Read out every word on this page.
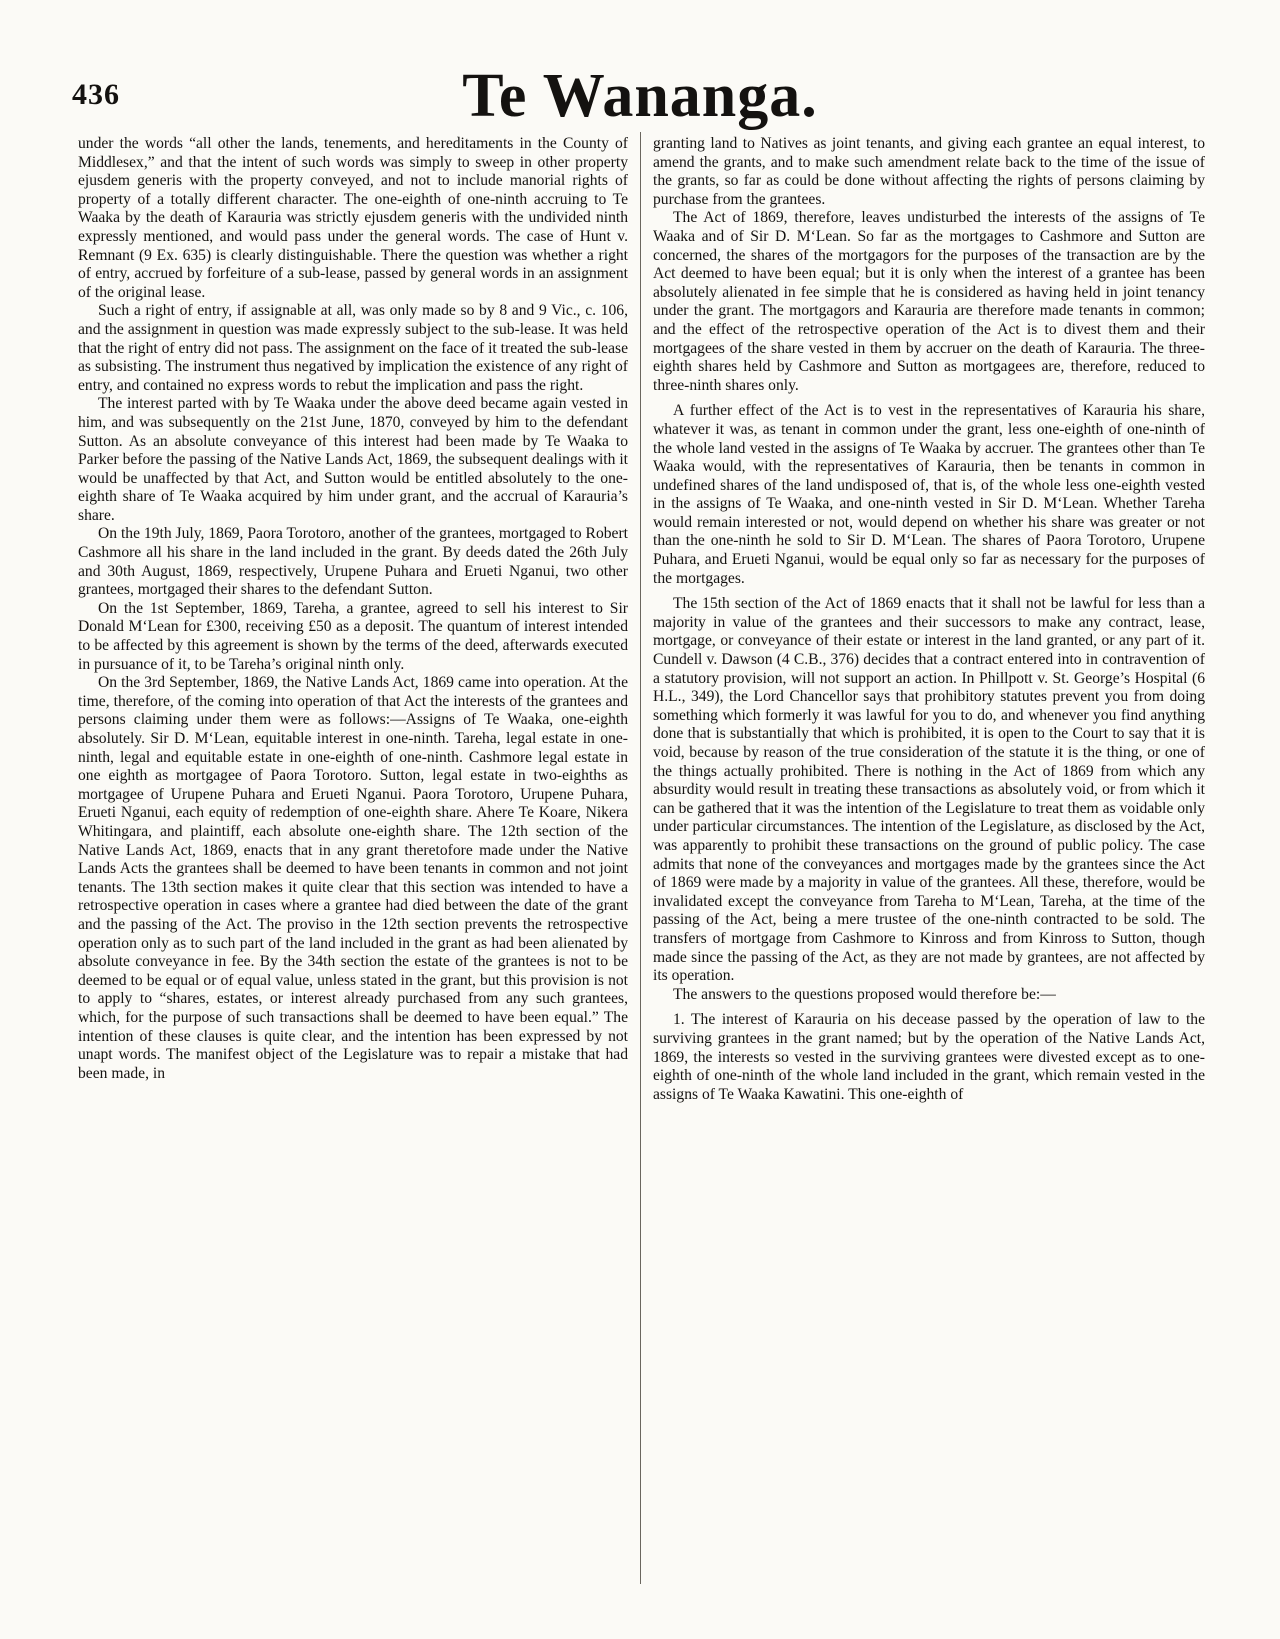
436	Te Wananga.

under the words “all other the lands, tenements, and hereditaments in the County of Middlesex,” and that the intent of such words was simply to sweep in other property ejusdem generis with the property conveyed, and not to include manorial rights of property of a totally different character. The one-eighth of one-ninth accruing to Te Waaka by the death of Karauria was strictly ejusdem generis with the undivided ninth expressly mentioned, and would pass under the general words. The case of Hunt v. Remnant (9 Ex. 635) is clearly distinguishable. There the question was whether a right of entry, accrued by forfeiture of a sub-lease, passed by general words in an assignment of the original lease.

Such a right of entry, if assignable at all, was only made so by 8 and 9 Vic., c. 106, and the assignment in question was made expressly subject to the sub-lease. It was held that the right of entry did not pass. The assignment on the face of it treated the sub-lease as subsisting. The instrument thus negatived by implication the existence of any right of entry, and contained no express words to rebut the implication and pass the right.

The interest parted with by Te Waaka under the above deed became again vested in him, and was subsequently on the 21st June, 1870, conveyed by him to the defendant Sutton. As an absolute conveyance of this interest had been made by Te Waaka to Parker before the passing of the Native Lands Act, 1869, the subsequent dealings with it would be unaffected by that Act, and Sutton would be entitled absolutely to the one-eighth share of Te Waaka acquired by him under grant, and the accrual of Karauria’s share.

On the 19th July, 1869, Paora Torotoro, another of the grantees, mortgaged to Robert Cashmore all his share in the land included in the grant. By deeds dated the 26th July and 30th August, 1869, respectively, Urupene Puhara and Erueti Nganui, two other grantees, mortgaged their shares to the defendant Sutton.

On the 1st September, 1869, Tareha, a grantee, agreed to sell his interest to Sir Donald M‘Lean for £300, receiving £50 as a deposit. The quantum of interest intended to be affected by this agreement is shown by the terms of the deed, afterwards executed in pursuance of it, to be Tareha’s original ninth only.

On the 3rd September, 1869, the Native Lands Act, 1869 came into operation. At the time, therefore, of the coming into operation of that Act the interests of the grantees and persons claiming under them were as follows:—Assigns of Te Waaka, one-eighth absolutely. Sir D. M‘Lean, equitable interest in one-ninth. Tareha, legal estate in one-ninth, legal and equitable estate in one-eighth of one-ninth. Cashmore legal estate in one eighth as mortgagee of Paora Torotoro. Sutton, legal estate in two-eighths as mortgagee of Urupene Puhara and Erueti Nganui. Paora Torotoro, Urupene Puhara, Erueti Nganui, each equity of redemption of one-eighth share. Ahere Te Koare, Nikera Whitingara, and plaintiff, each absolute one-eighth share. The 12th section of the Native Lands Act, 1869, enacts that in any grant theretofore made under the Native Lands Acts the grantees shall be deemed to have been tenants in common and not joint tenants. The 13th section makes it quite clear that this section was intended to have a retrospective operation in cases where a grantee had died between the date of the grant and the passing of the Act. The proviso in the 12th section prevents the retrospective operation only as to such part of the land included in the grant as had been alienated by absolute conveyance in fee. By the 34th section the estate of the grantees is not to be deemed to be equal or of equal value, unless stated in the grant, but this provision is not to apply to “shares, estates, or interest already purchased from any such grantees, which, for the purpose of such transactions shall be deemed to have been equal.” The intention of these clauses is quite clear, and the intention has been expressed by not unapt words. The manifest object of the Legislature was to repair a mistake that had been made, in

granting land to Natives as joint tenants, and giving each grantee an equal interest, to amend the grants, and to make such amendment relate back to the time of the issue of the grants, so far as could be done without affecting the rights of persons claiming by purchase from the grantees.

The Act of 1869, therefore, leaves undisturbed the interests of the assigns of Te Waaka and of Sir D. M‘Lean. So far as the mortgages to Cashmore and Sutton are concerned, the shares of the mortgagors for the purposes of the transaction are by the Act deemed to have been equal; but it is only when the interest of a grantee has been absolutely alienated in fee simple that he is considered as having held in joint tenancy under the grant. The mortgagors and Karauria are therefore made tenants in common; and the effect of the retrospective operation of the Act is to divest them and their mortgagees of the share vested in them by accruer on the death of Karauria. The three-eighth shares held by Cashmore and Sutton as mortgagees are, therefore, reduced to three-ninth shares only.

A further effect of the Act is to vest in the representatives of Karauria his share, whatever it was, as tenant in common under the grant, less one-eighth of one-ninth of the whole land vested in the assigns of Te Waaka by accruer. The grantees other than Te Waaka would, with the representatives of Karauria, then be tenants in common in undefined shares of the land undisposed of, that is, of the whole less one-eighth vested in the assigns of Te Waaka, and one-ninth vested in Sir D. M‘Lean. Whether Tareha would remain interested or not, would depend on whether his share was greater or not than the one-ninth he sold to Sir D. M‘Lean. The shares of Paora Torotoro, Urupene Puhara, and Erueti Nganui, would be equal only so far as necessary for the purposes of the mortgages.

The 15th section of the Act of 1869 enacts that it shall not be lawful for less than a majority in value of the grantees and their successors to make any contract, lease, mortgage, or conveyance of their estate or interest in the land granted, or any part of it. Cundell v. Dawson (4 C.B., 376) decides that a contract entered into in contravention of a statutory provision, will not support an action. In Phillpott v. St. George’s Hospital (6 H.L., 349), the Lord Chancellor says that prohibitory statutes prevent you from doing something which formerly it was lawful for you to do, and whenever you find anything done that is substantially that which is prohibited, it is open to the Court to say that it is void, because by reason of the true consideration of the statute it is the thing, or one of the things actually prohibited. There is nothing in the Act of 1869 from which any absurdity would result in treating these transactions as absolutely void, or from which it can be gathered that it was the intention of the Legislature to treat them as voidable only under particular circumstances. The intention of the Legislature, as disclosed by the Act, was apparently to prohibit these transactions on the ground of public policy. The case admits that none of the conveyances and mortgages made by the grantees since the Act of 1869 were made by a majority in value of the grantees. All these, therefore, would be invalidated except the conveyance from Tareha to M‘Lean, Tareha, at the time of the passing of the Act, being a mere trustee of the one-ninth contracted to be sold. The transfers of mortgage from Cashmore to Kinross and from Kinross to Sutton, though made since the passing of the Act, as they are not made by grantees, are not affected by its operation.

The answers to the questions proposed would therefore be:—

1. The interest of Karauria on his decease passed by the operation of law to the surviving grantees in the grant named; but by the operation of the Native Lands Act, 1869, the interests so vested in the surviving grantees were divested except as to one-eighth of one-ninth of the whole land included in the grant, which remain vested in the assigns of Te Waaka Kawatini. This one-eighth of
